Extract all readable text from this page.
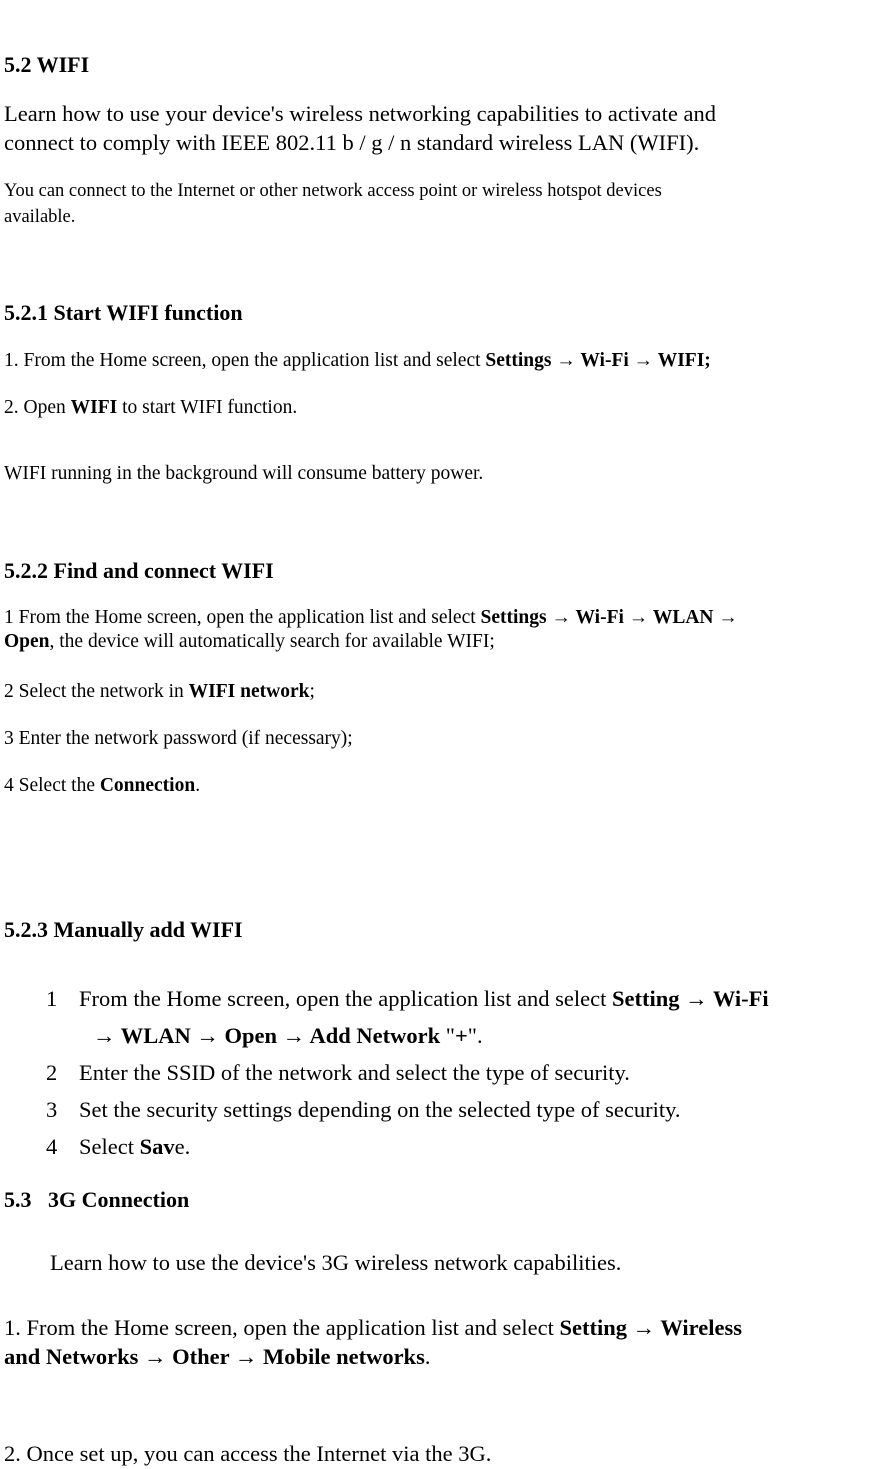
5.2 WIFI
Learn how to use your device's wireless networking capabilities to activate and
connect to comply with IEEE 802.11 b / g / n standard wireless LAN (WIFI).
You can connect to the Internet or other network access point or wireless hotspot devices
available.
5.2.1 Start WIFI function
1. From the Home screen, open the application list and select Settings → Wi-Fi → WIFI;
2. Open WIFI to start WIFI function.
WIFI running in the background will consume battery power.
5.2.2 Find and connect WIFI
1 From the Home screen, open the application list and select Settings → Wi-Fi → WLAN →
Open, the device will automatically search for available WIFI;
2 Select the network in WIFI network;
3 Enter the network password (if necessary);
4 Select the Connection.
5.2.3 Manually add WIFI
1 From the Home screen, open the application list and select Setting → Wi-Fi
→ WLAN → Open → Add Network "+".
2 Enter the SSID of the network and select the type of security.
3 Set the security settings depending on the selected type of security.
4 Select Save.
5.3   3G Connection
Learn how to use the device's 3G wireless network capabilities.
1. From the Home screen, open the application list and select Setting → Wireless
and Networks → Other → Mobile networks.
2. Once set up, you can access the Internet via the 3G.
